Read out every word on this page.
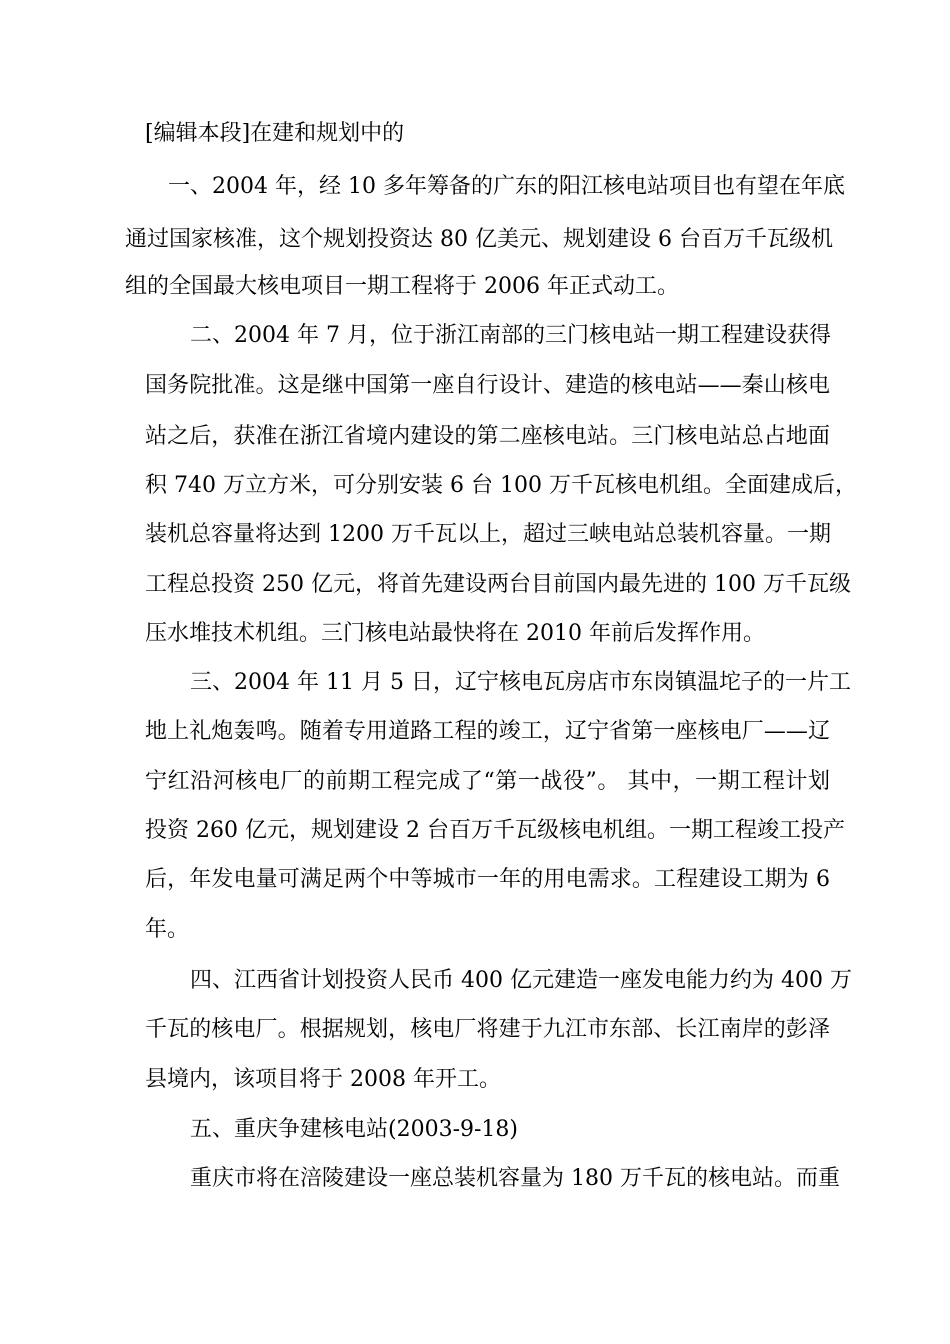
[编辑本段]在建和规划中的
一、2004 年，经 10 多年筹备的广东的阳江核电站项目也有望在年底
通过国家核准，这个规划投资达 80 亿美元、规划建设 6 台百万千瓦级机
组的全国最大核电项目一期工程将于 2006 年正式动工。
二、2004 年 7 月，位于浙江南部的三门核电站一期工程建设获得
国务院批准。这是继中国第一座自行设计、建造的核电站——秦山核电
站之后，获准在浙江省境内建设的第二座核电站。三门核电站总占地面
积 740 万立方米，可分别安装 6 台 100 万千瓦核电机组。全面建成后，
装机总容量将达到 1200 万千瓦以上，超过三峡电站总装机容量。一期
工程总投资 250 亿元，将首先建设两台目前国内最先进的 100 万千瓦级
压水堆技术机组。三门核电站最快将在 2010 年前后发挥作用。
三、2004 年 11 月 5 日，辽宁核电瓦房店市东岗镇温坨子的一片工
地上礼炮轰鸣。随着专用道路工程的竣工，辽宁省第一座核电厂——辽
宁红沿河核电厂的前期工程完成了“第一战役”。 其中，一期工程计划
投资 260 亿元，规划建设 2 台百万千瓦级核电机组。一期工程竣工投产
后，年发电量可满足两个中等城市一年的用电需求。工程建设工期为 6
年。
四、江西省计划投资人民币 400 亿元建造一座发电能力约为 400 万
千瓦的核电厂。根据规划，核电厂将建于九江市东部、长江南岸的彭泽
县境内，该项目将于 2008 年开工。
五、重庆争建核电站(2003-9-18)
重庆市将在涪陵建设一座总装机容量为 180 万千瓦的核电站。而重
